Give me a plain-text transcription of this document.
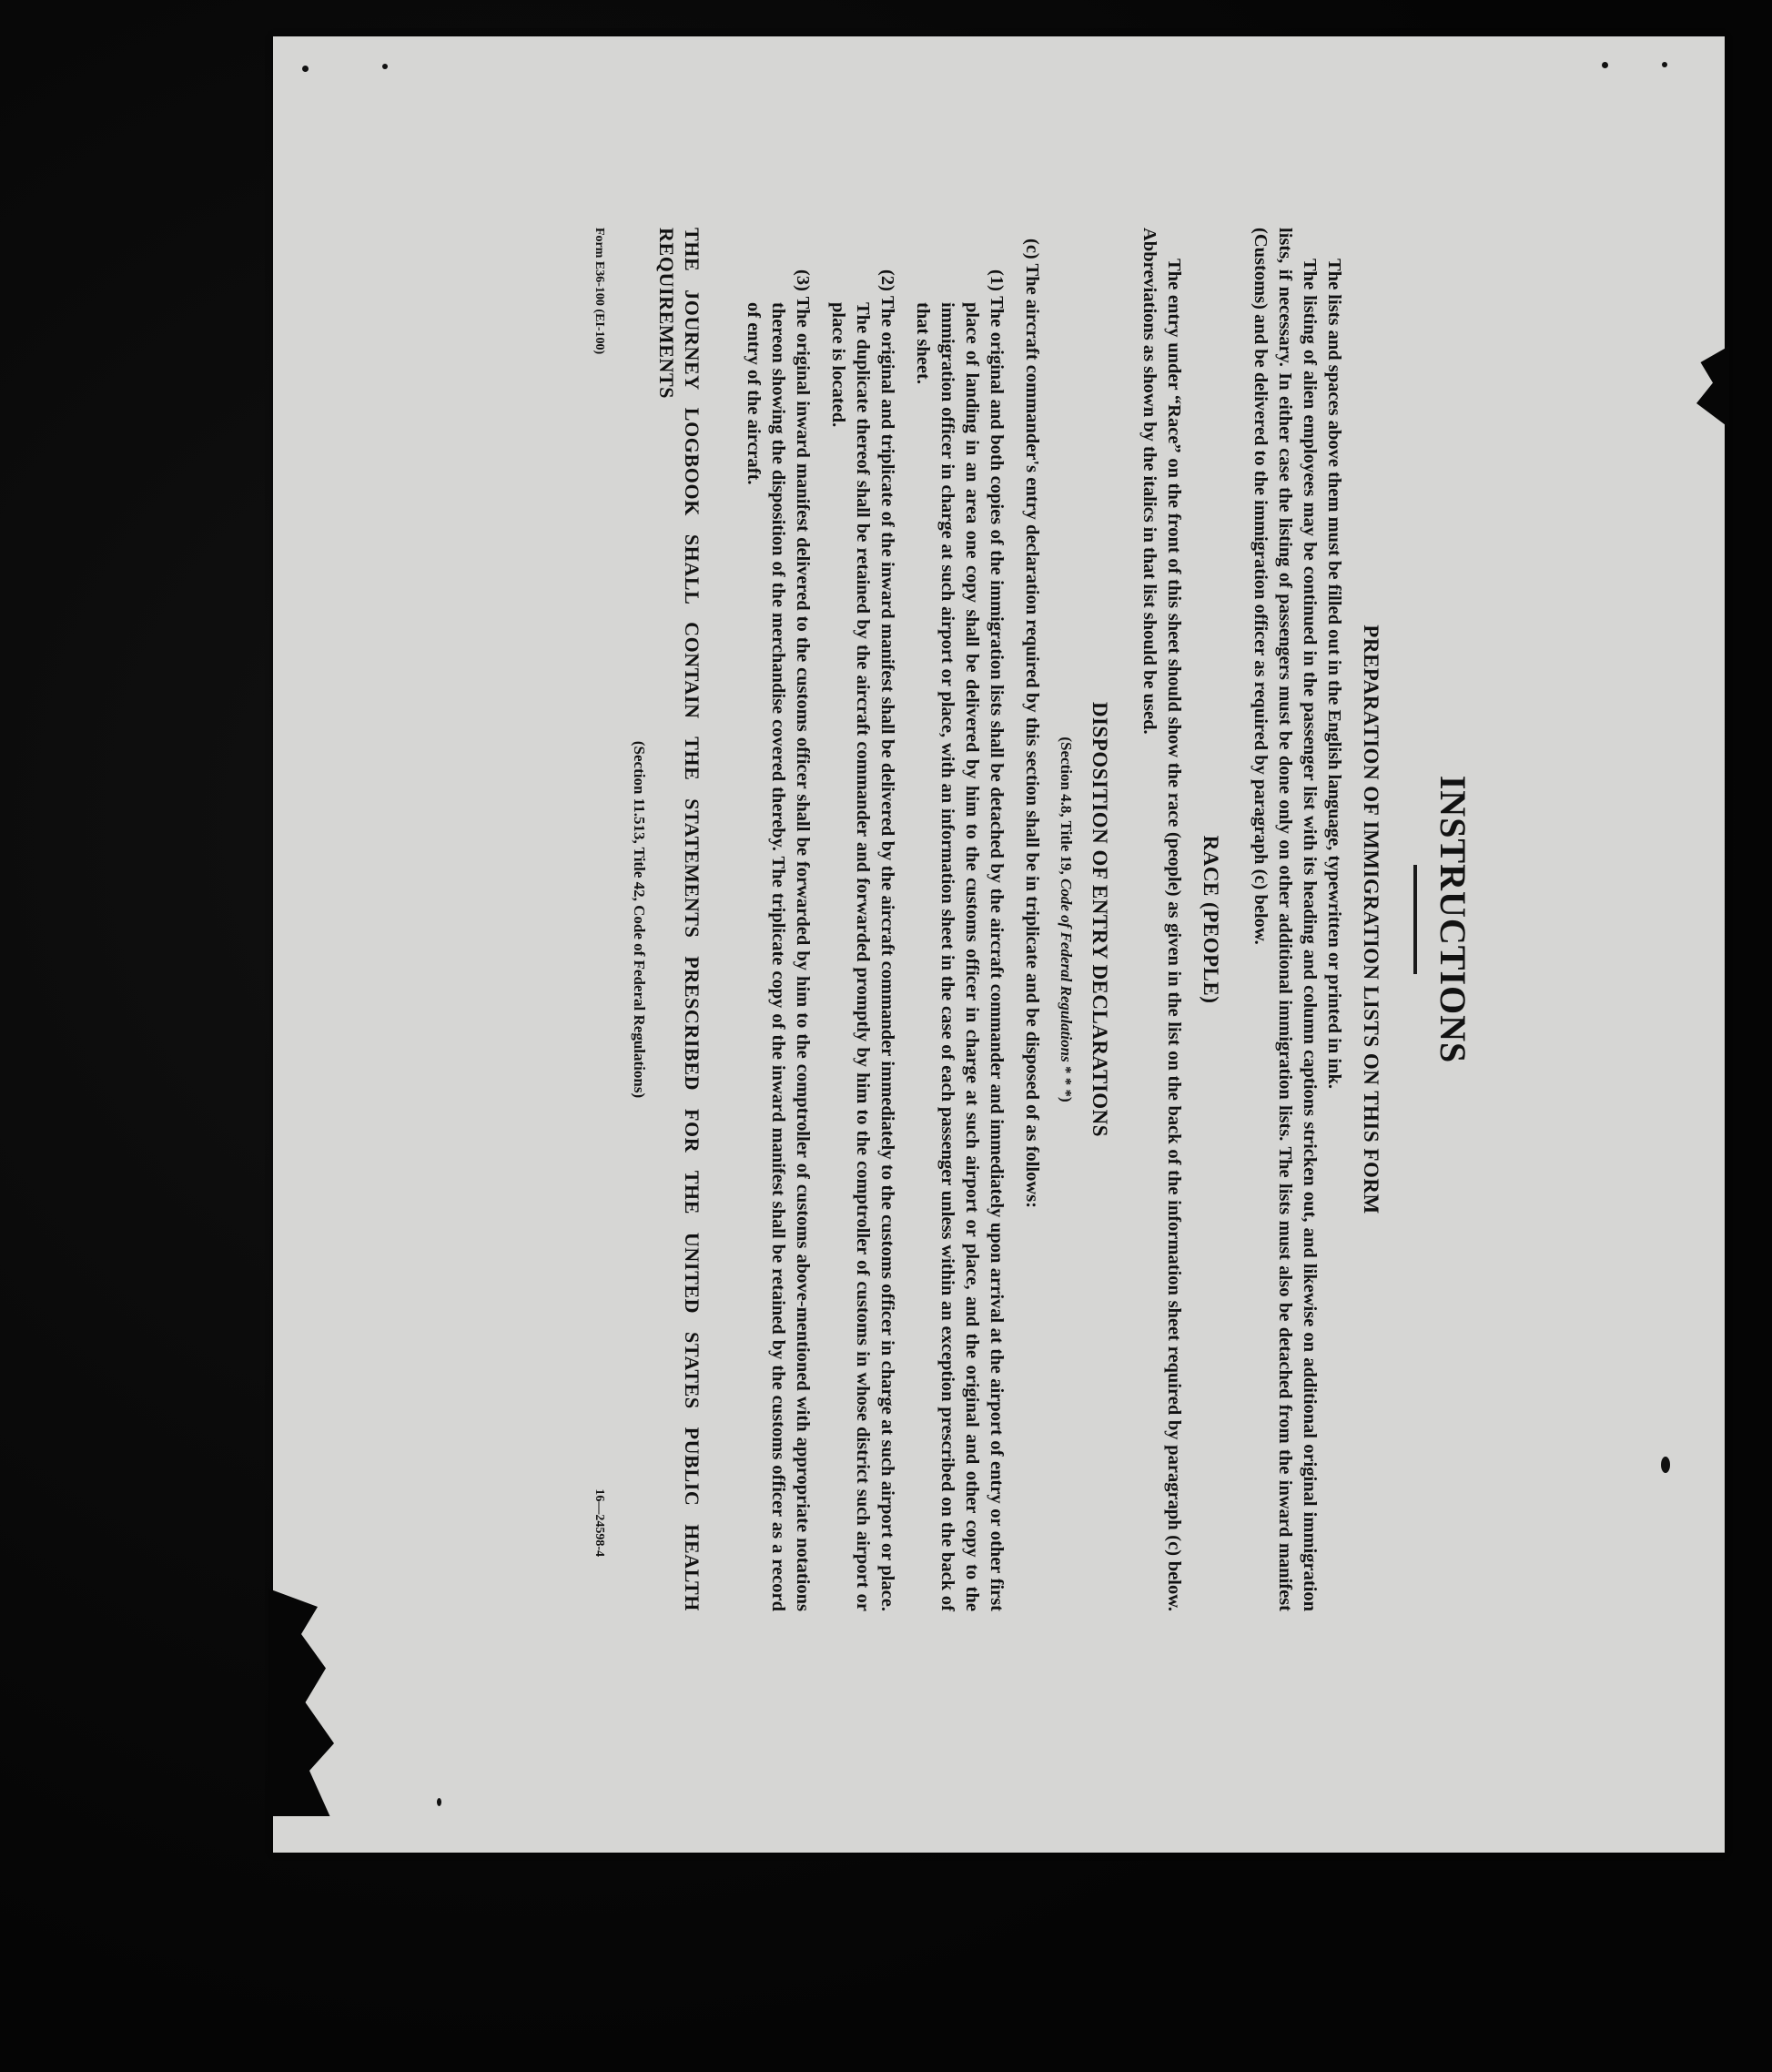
INSTRUCTIONS
PREPARATION OF IMMIGRATION LISTS ON THIS FORM

The lists and spaces above them must be filled out in the English language, typewritten or printed in ink.

The listing of alien employees may be continued in the passenger list with its heading and column captions stricken out, and likewise on additional original immigration lists, if necessary. In either case the listing of passengers must be done only on other additional immigration lists. The lists must also be detached from the inward manifest (Customs) and be delivered to the immigration officer as required by paragraph (c) below.

RACE (PEOPLE)

The entry under “Race” on the front of this sheet should show the race (people) as given in the list on the back of the information sheet required by paragraph (c) below. Abbreviations as shown by the italics in that list should be used.

DISPOSITION OF ENTRY DECLARATIONS
(Section 4.8, Title 19, Code of Federal Regulations * * *)

(c) The aircraft commander's entry declaration required by this section shall be in triplicate and be disposed of as follows:

(1) The original and both copies of the immigration lists shall be detached by the aircraft commander and immediately upon arrival at the airport of entry or other first place of landing in an area one copy shall be delivered by him to the customs officer in charge at such airport or place, and the original and other copy to the immigration officer in charge at such airport or place, with an information sheet in the case of each passenger unless within an exception prescribed on the back of that sheet.

(2) The original and triplicate of the inward manifest shall be delivered by the aircraft commander immediately to the customs officer in charge at such airport or place. The duplicate thereof shall be retained by the aircraft commander and forwarded promptly by him to the comptroller of customs in whose district such airport or place is located.

(3) The original inward manifest delivered to the customs officer shall be forwarded by him to the comptroller of customs above-mentioned with appropriate notations thereon showing the disposition of the merchandise covered thereby. The triplicate copy of the inward manifest shall be retained by the customs officer as a record of entry of the aircraft.

THE JOURNEY LOGBOOK SHALL CONTAIN THE STATEMENTS PRESCRIBED FOR THE UNITED STATES PUBLIC HEALTH REQUIREMENTS

(Section 11.513, Title 42, Code of Federal Regulations)
Form E36-100 (EI-100)
16—24598-4
